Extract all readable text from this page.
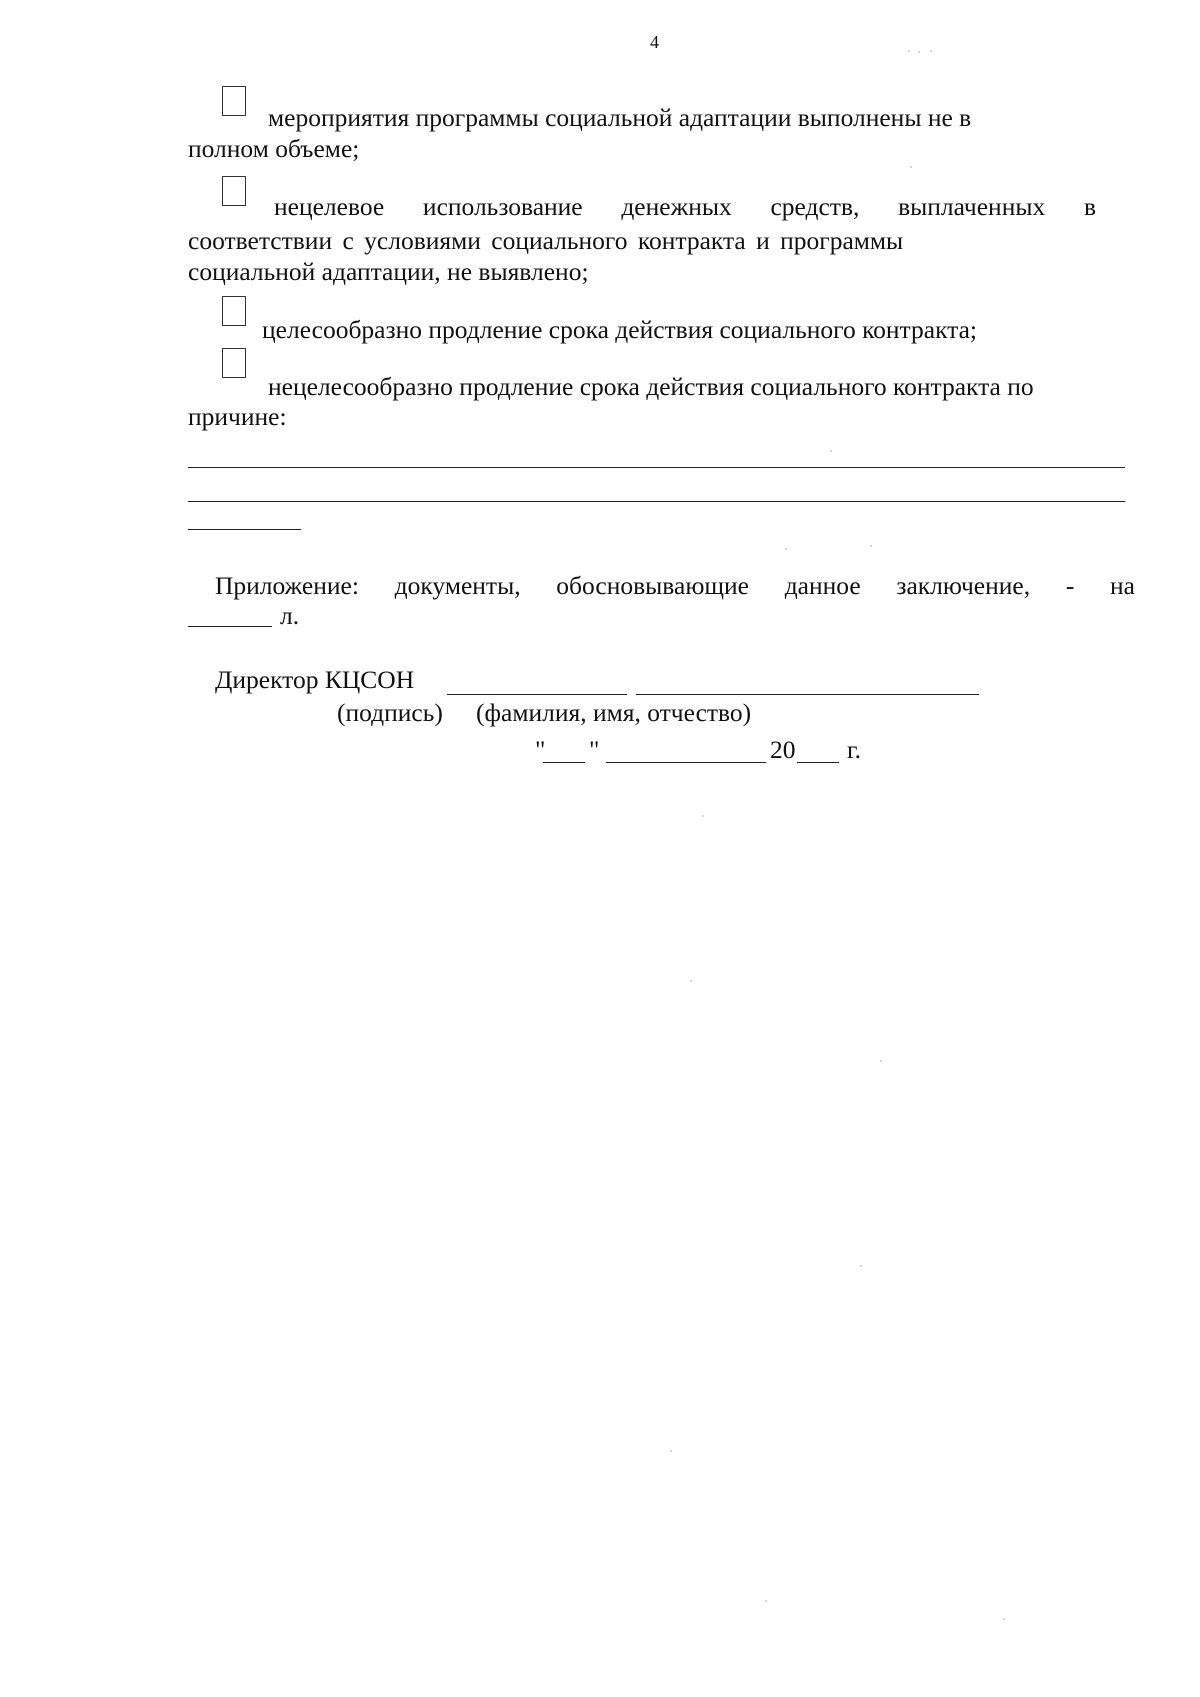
4
мероприятия программы социальной адаптации выполнены не в
полном объеме;
нецелевое использование денежных средств, выплаченных в
соответствии с условиями социального контракта и программы
социальной адаптации, не выявлено;
целесообразно продление срока действия социального контракта;
нецелесообразно продление срока действия социального контракта по
причине:
Приложение: документы, обосновывающие данное заключение, - на
л.
Директор КЦСОН
(подпись) (фамилия, имя, отчество)
" "	20 г.
